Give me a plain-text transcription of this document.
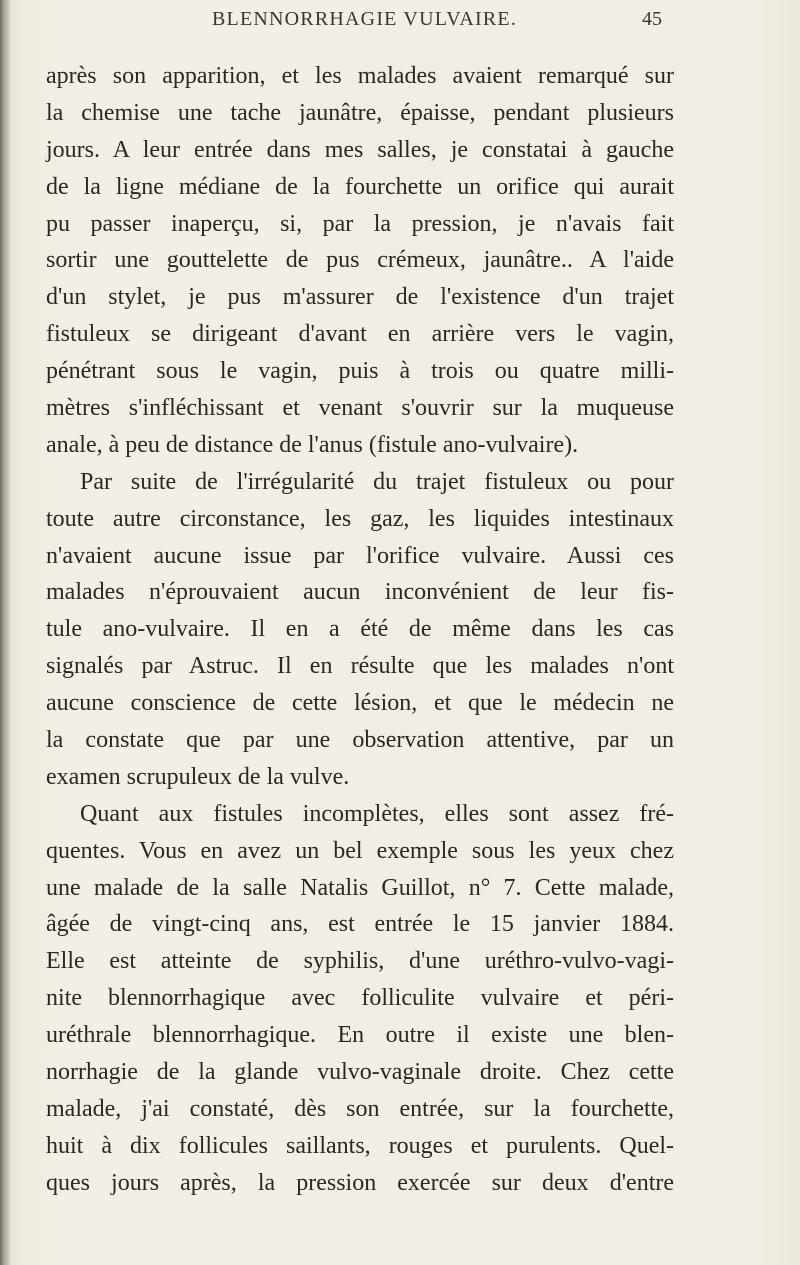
BLENNORRHAGIE VULVAIRE.	45
après son apparition, et les malades avaient remarqué sur
la chemise une tache jaunâtre, épaisse, pendant plusieurs
jours. A leur entrée dans mes salles, je constatai à gauche
de la ligne médiane de la fourchette un orifice qui aurait
pu passer inaperçu, si, par la pression, je n'avais fait
sortir une gouttelette de pus crémeux, jaunâtre.. A l'aide
d'un stylet, je pus m'assurer de l'existence d'un trajet
fistuleux se dirigeant d'avant en arrière vers le vagin,
pénétrant sous le vagin, puis à trois ou quatre milli-
mètres s'infléchissant et venant s'ouvrir sur la muqueuse
anale, à peu de distance de l'anus (fistule ano-vulvaire).
Par suite de l'irrégularité du trajet fistuleux ou pour
toute autre circonstance, les gaz, les liquides intestinaux
n'avaient aucune issue par l'orifice vulvaire. Aussi ces
malades n'éprouvaient aucun inconvénient de leur fis-
tule ano-vulvaire. Il en a été de même dans les cas
signalés par Astruc. Il en résulte que les malades n'ont
aucune conscience de cette lésion, et que le médecin ne
la constate que par une observation attentive, par un
examen scrupuleux de la vulve.
Quant aux fistules incomplètes, elles sont assez fré-
quentes. Vous en avez un bel exemple sous les yeux chez
une malade de la salle Natalis Guillot, n° 7. Cette malade,
âgée de vingt-cinq ans, est entrée le 15 janvier 1884.
Elle est atteinte de syphilis, d'une uréthro-vulvo-vagi-
nite blennorrhagique avec folliculite vulvaire et péri-
uréthrale blennorrhagique. En outre il existe une blen-
norrhagie de la glande vulvo-vaginale droite. Chez cette
malade, j'ai constaté, dès son entrée, sur la fourchette,
huit à dix follicules saillants, rouges et purulents. Quel-
ques jours après, la pression exercée sur deux d'entre
